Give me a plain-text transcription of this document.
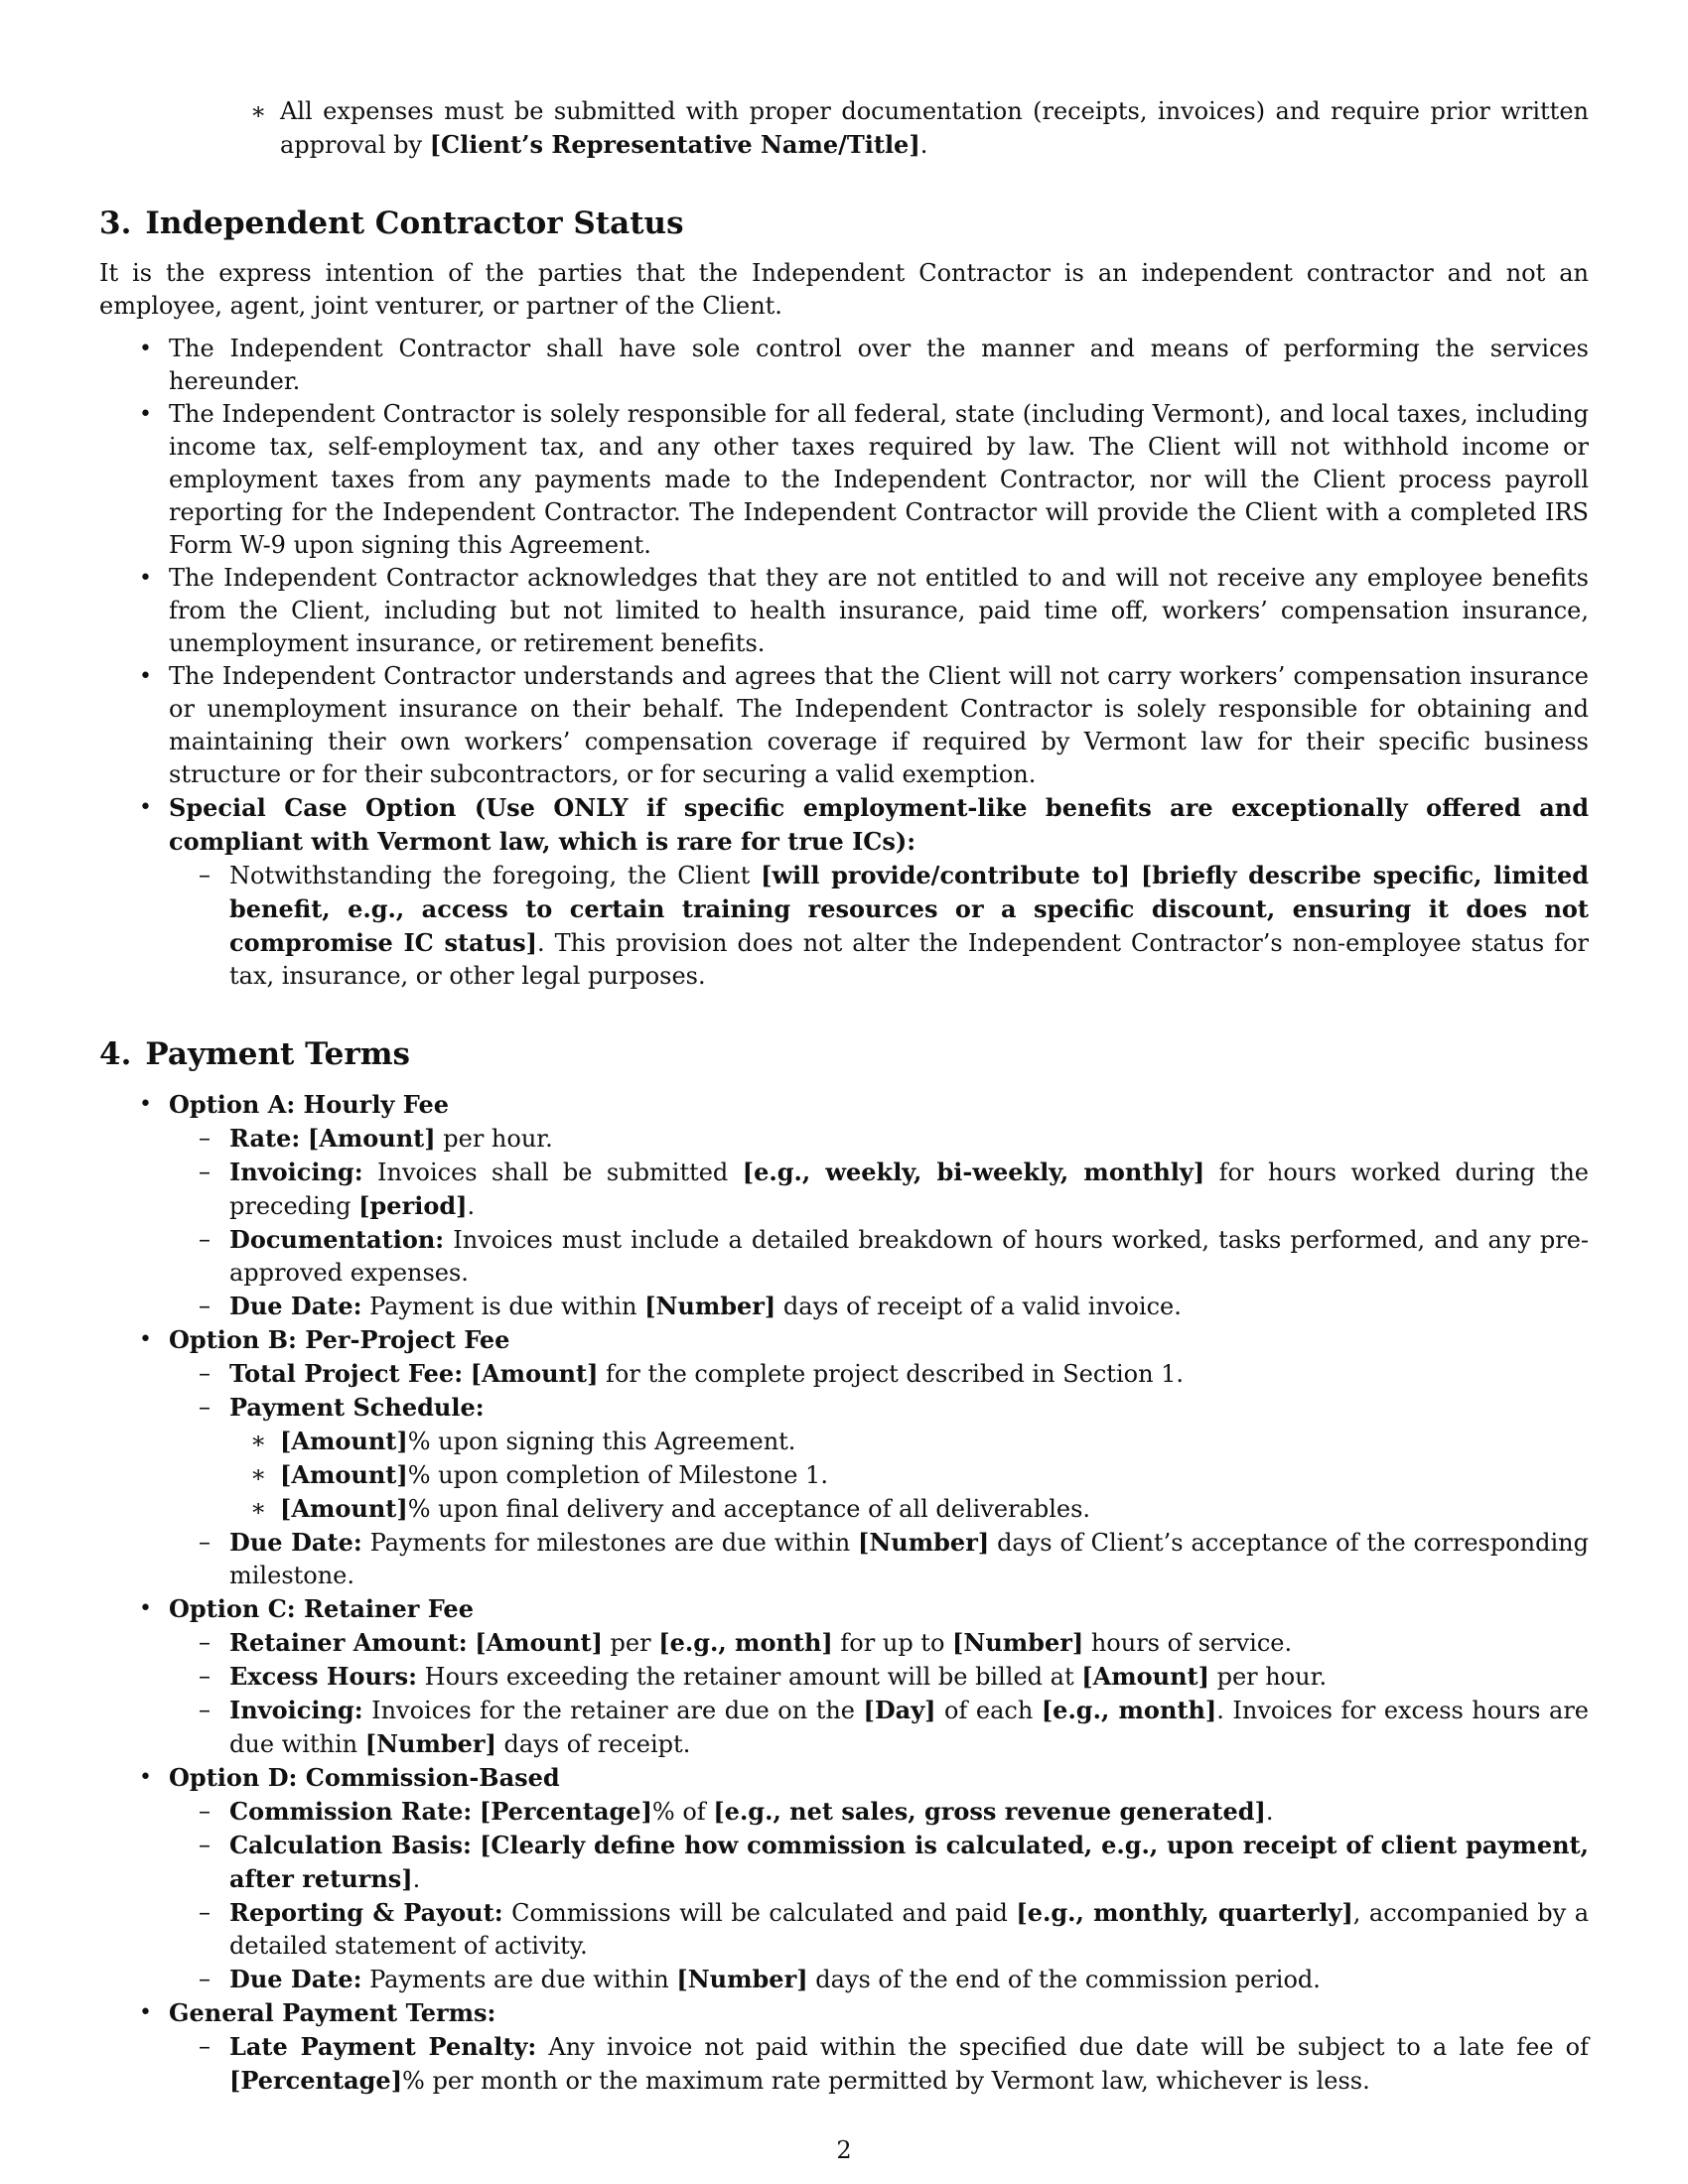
∗ All expenses must be submitted with proper documentation (receipts, invoices) and require prior written approval by [Client’s Representative Name/Title].
3. Independent Contractor Status

It is the express intention of the parties that the Independent Contractor is an independent contractor and not an employee, agent, joint venturer, or partner of the Client.

• The Independent Contractor shall have sole control over the manner and means of performing the services hereunder.
• The Independent Contractor is solely responsible for all federal, state (including Vermont), and local taxes, including income tax, self-employment tax, and any other taxes required by law. The Client will not withhold income or employment taxes from any payments made to the Independent Contractor, nor will the Client process payroll reporting for the Independent Contractor. The Independent Contractor will provide the Client with a completed IRS Form W-9 upon signing this Agreement.
• The Independent Contractor acknowledges that they are not entitled to and will not receive any employee benefits from the Client, including but not limited to health insurance, paid time off, workers’ compensation insurance, unemployment insurance, or retirement benefits.
• The Independent Contractor understands and agrees that the Client will not carry workers’ compensation insurance or unemployment insurance on their behalf. The Independent Contractor is solely responsible for obtaining and maintaining their own workers’ compensation coverage if required by Vermont law for their specific business structure or for their subcontractors, or for securing a valid exemption.
• Special Case Option (Use ONLY if specific employment-like benefits are exceptionally offered and compliant with Vermont law, which is rare for true ICs):
– Notwithstanding the foregoing, the Client [will provide/contribute to] [briefly describe specific, limited benefit, e.g., access to certain training resources or a specific discount, ensuring it does not compromise IC status]. This provision does not alter the Independent Contractor’s non-employee status for tax, insurance, or other legal purposes.
4. Payment Terms
• Option A: Hourly Fee
– Rate: [Amount] per hour.
– Invoicing: Invoices shall be submitted [e.g., weekly, bi-weekly, monthly] for hours worked during the preceding [period].
– Documentation: Invoices must include a detailed breakdown of hours worked, tasks performed, and any pre-approved expenses.
– Due Date: Payment is due within [Number] days of receipt of a valid invoice.
• Option B: Per-Project Fee
– Total Project Fee: [Amount] for the complete project described in Section 1.
– Payment Schedule:
∗ [Amount]% upon signing this Agreement.
∗ [Amount]% upon completion of Milestone 1.
∗ [Amount]% upon final delivery and acceptance of all deliverables.
– Due Date: Payments for milestones are due within [Number] days of Client’s acceptance of the corresponding milestone.
• Option C: Retainer Fee
– Retainer Amount: [Amount] per [e.g., month] for up to [Number] hours of service.
– Excess Hours: Hours exceeding the retainer amount will be billed at [Amount] per hour.
– Invoicing: Invoices for the retainer are due on the [Day] of each [e.g., month]. Invoices for excess hours are due within [Number] days of receipt.
• Option D: Commission-Based
– Commission Rate: [Percentage]% of [e.g., net sales, gross revenue generated].
– Calculation Basis: [Clearly define how commission is calculated, e.g., upon receipt of client payment, after returns].
– Reporting & Payout: Commissions will be calculated and paid [e.g., monthly, quarterly], accompanied by a detailed statement of activity.
– Due Date: Payments are due within [Number] days of the end of the commission period.
• General Payment Terms:
– Late Payment Penalty: Any invoice not paid within the specified due date will be subject to a late fee of [Percentage]% per month or the maximum rate permitted by Vermont law, whichever is less.
2
